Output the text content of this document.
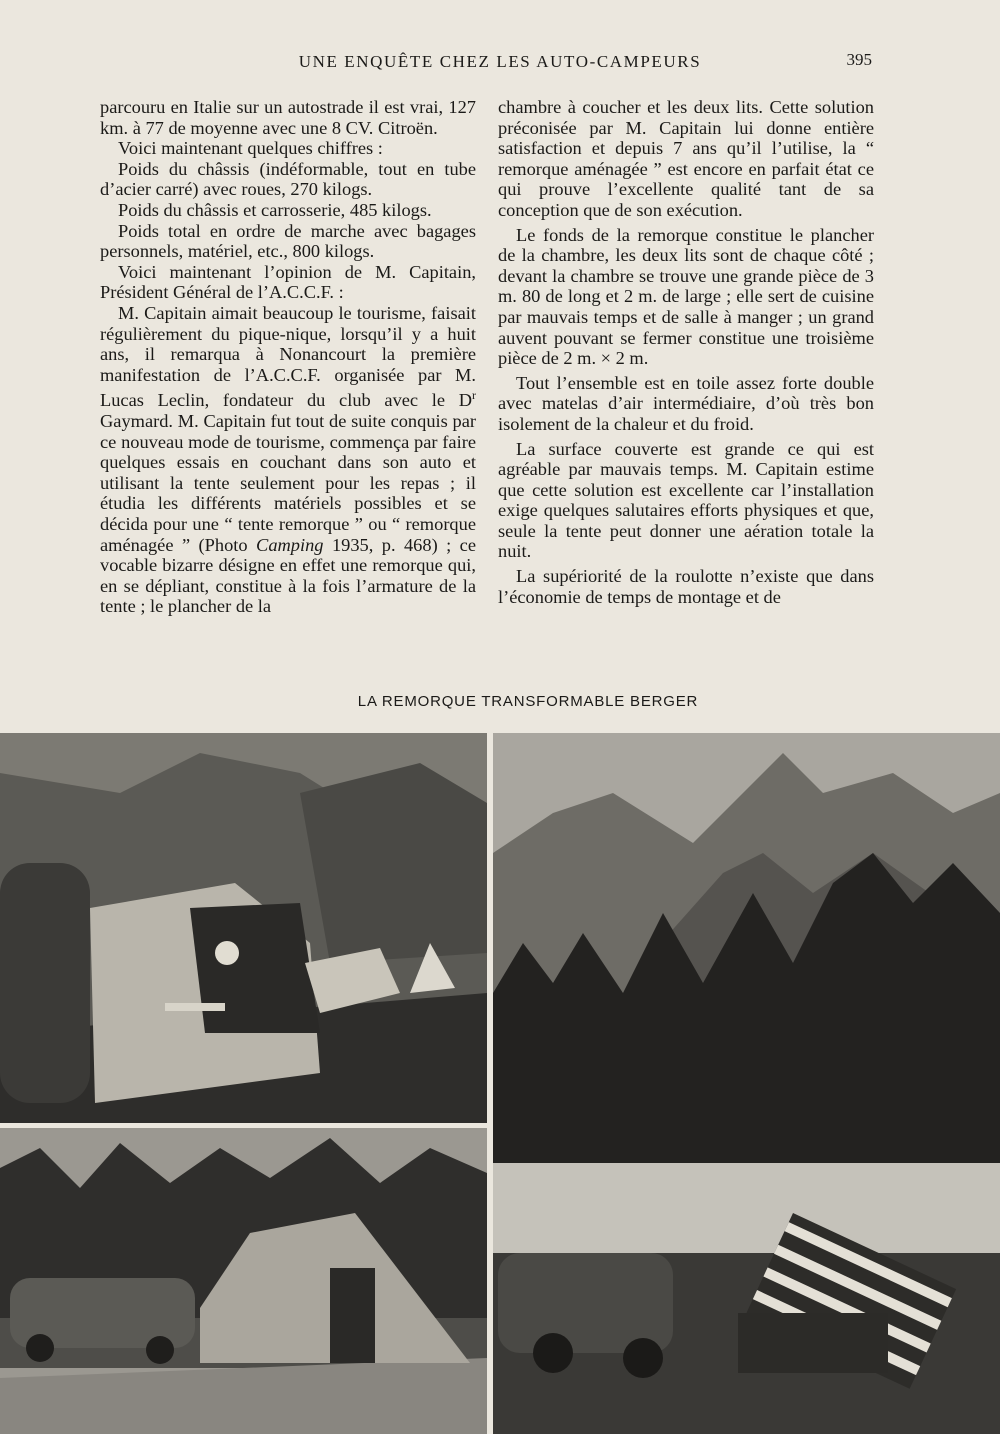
UNE ENQUÊTE CHEZ LES AUTO-CAMPEURS	395

parcouru en Italie sur un autostrade il est vrai, 127 km. à 77 de moyenne avec une 8 CV. Citroën.

Voici maintenant quelques chiffres :

Poids du châssis (indéformable, tout en tube d’acier carré) avec roues, 270 kilogs.

Poids du châssis et carrosserie, 485 kilogs.

Poids total en ordre de marche avec bagages personnels, matériel, etc., 800 kilogs.

Voici maintenant l’opinion de M. Capitain, Président Général de l’A.C.C.F. :

M. Capitain aimait beaucoup le tourisme, faisait régulièrement du pique-nique, lorsqu’il y a huit ans, il remarqua à Nonancourt la première manifestation de l’A.C.C.F. organisée par M. Lucas Leclin, fondateur du club avec le $D^r$ Gaymard. M. Capitain fut tout de suite conquis par ce nouveau mode de tourisme, commença par faire quelques essais en couchant dans son auto et utilisant la tente seulement pour les repas ; il étudia les différents matériels possibles et se décida pour une “ tente remorque ” ou “ remorque aménagée ” (Photo Camping 1935, p. 468) ; ce vocable bizarre désigne en effet une remorque qui, en se dépliant, constitue à la fois l’armature de la tente ; le plancher de la

chambre à coucher et les deux lits. Cette solution préconisée par M. Capitain lui donne entière satisfaction et depuis 7 ans qu’il l’utilise, la “ remorque aménagée ” est encore en parfait état ce qui prouve l’excellente qualité tant de sa conception que de son exécution.

Le fonds de la remorque constitue le plancher de la chambre, les deux lits sont de chaque côté ; devant la chambre se trouve une grande pièce de 3 m. 80 de long et 2 m. de large ; elle sert de cuisine par mauvais temps et de salle à manger ; un grand auvent pouvant se fermer constitue une troisième pièce de 2 m. × 2 m.

Tout l’ensemble est en toile assez forte double avec matelas d’air intermédiaire, d’où très bon isolement de la chaleur et du froid.

La surface couverte est grande ce qui est agréable par mauvais temps. M. Capitain estime que cette solution est excellente car l’installation exige quelques salutaires efforts physiques et que, seule la tente peut donner une aération totale la nuit.

La supériorité de la roulotte n’existe que dans l’économie de temps de montage et de

LA REMORQUE TRANSFORMABLE BERGER
